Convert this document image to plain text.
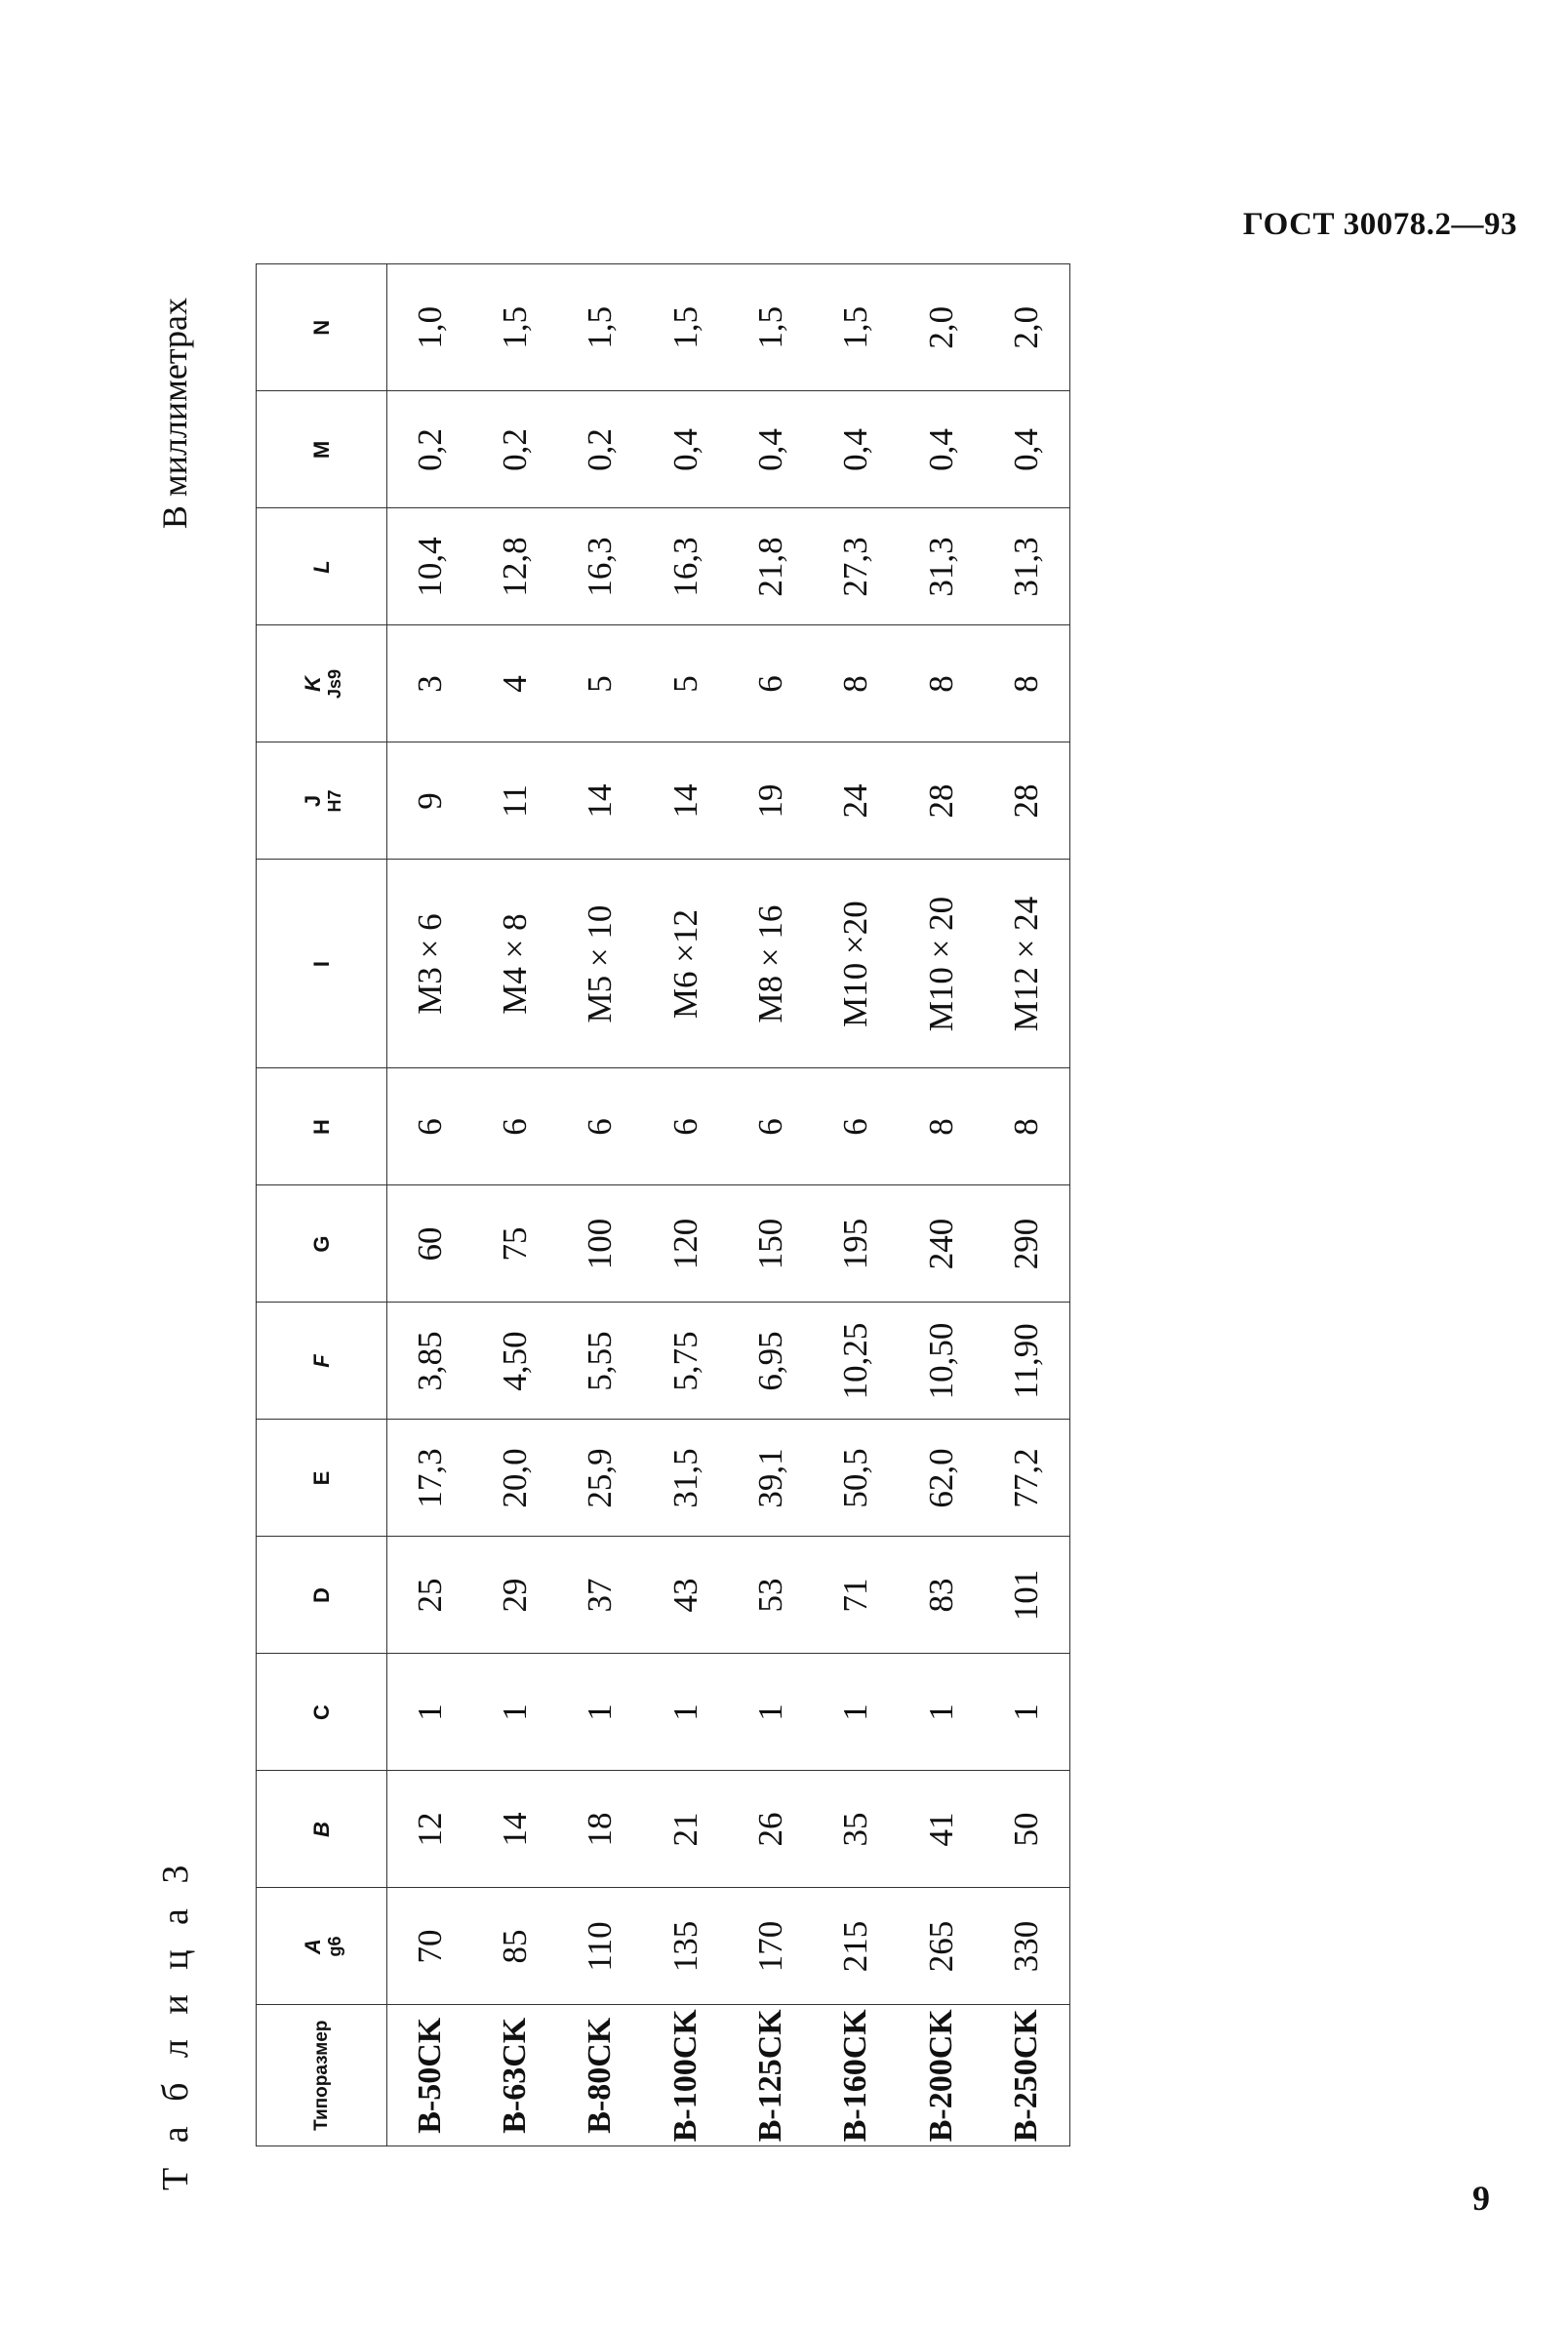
ГОСТ 30078.2—93
Т а б л и ц а 3
В миллиметрах
Типоразмер	A g6	B	C	D	E	F	G	H	I	J H7	K Js9	L	M	N
B-50CK	70	12	1	25	17,3	3,85	60	6	M3 × 6	9	3	10,4	0,2	1,0
B-63CK	85	14	1	29	20,0	4,50	75	6	M4 × 8	11	4	12,8	0,2	1,5
B-80CK	110	18	1	37	25,9	5,55	100	6	M5 × 10	14	5	16,3	0,2	1,5
B-100CK	135	21	1	43	31,5	5,75	120	6	M6 ×12	14	5	16,3	0,4	1,5
B-125CK	170	26	1	53	39,1	6,95	150	6	M8 × 16	19	6	21,8	0,4	1,5
B-160CK	215	35	1	71	50,5	10,25	195	6	M10 ×20	24	8	27,3	0,4	1,5
B-200CK	265	41	1	83	62,0	10,50	240	8	M10 × 20	28	8	31,3	0,4	2,0
B-250CK	330	50	1	101	77,2	11,90	290	8	M12 × 24	28	8	31,3	0,4	2,0
9
